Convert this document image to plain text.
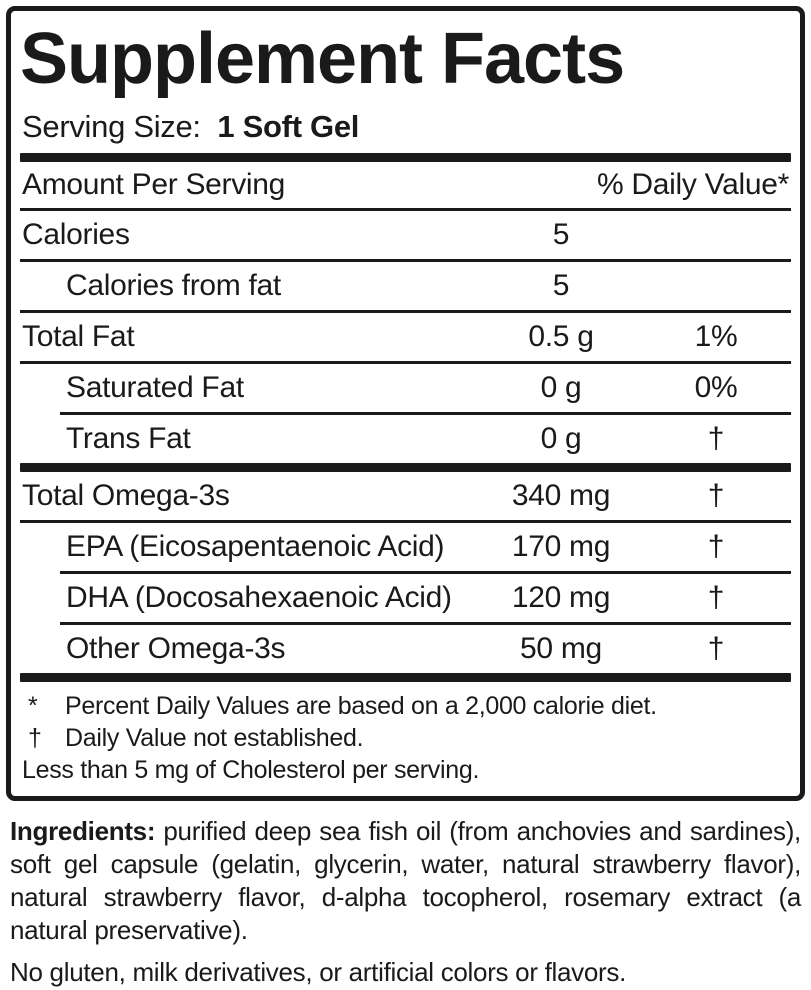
Supplement Facts
Serving Size: 1 Soft Gel
Amount Per Serving	% Daily Value*
Calories	5
Calories from fat	5
Total Fat	0.5 g	1%
Saturated Fat	0 g	0%
Trans Fat	0 g	†
Total Omega-3s	340 mg	†
EPA (Eicosapentaenoic Acid)	170 mg	†
DHA (Docosahexaenoic Acid)	120 mg	†
Other Omega-3s	50 mg	†
* Percent Daily Values are based on a 2,000 calorie diet.
† Daily Value not established.
Less than 5 mg of Cholesterol per serving.

Ingredients: purified deep sea fish oil (from anchovies and sardines), soft gel capsule (gelatin, glycerin, water, natural strawberry flavor), natural strawberry flavor, d-alpha tocopherol, rosemary extract (a natural preservative).

No gluten, milk derivatives, or artificial colors or flavors.
